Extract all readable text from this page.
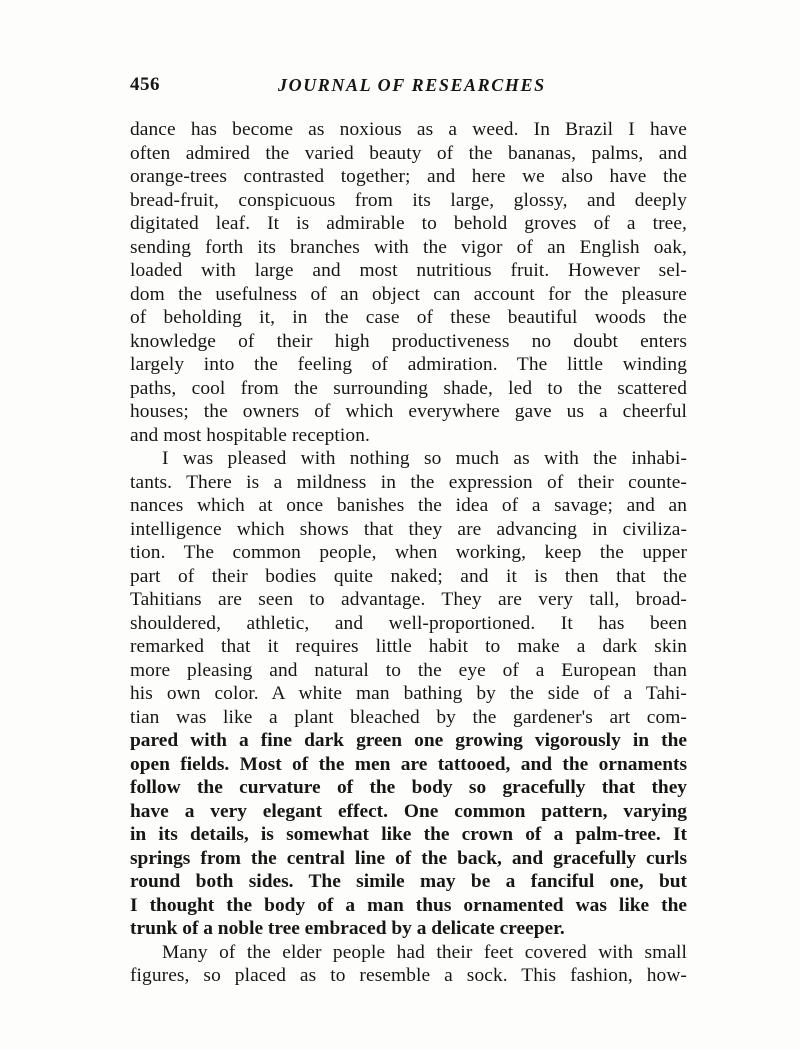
456	JOURNAL OF RESEARCHES
dance has become as noxious as a weed. In Brazil I have
often admired the varied beauty of the bananas, palms, and
orange-trees contrasted together; and here we also have the
bread-fruit, conspicuous from its large, glossy, and deeply
digitated leaf. It is admirable to behold groves of a tree,
sending forth its branches with the vigor of an English oak,
loaded with large and most nutritious fruit. However sel-
dom the usefulness of an object can account for the pleasure
of beholding it, in the case of these beautiful woods the
knowledge of their high productiveness no doubt enters
largely into the feeling of admiration. The little winding
paths, cool from the surrounding shade, led to the scattered
houses; the owners of which everywhere gave us a cheerful
and most hospitable reception.
I was pleased with nothing so much as with the inhabi-
tants. There is a mildness in the expression of their counte-
nances which at once banishes the idea of a savage; and an
intelligence which shows that they are advancing in civiliza-
tion. The common people, when working, keep the upper
part of their bodies quite naked; and it is then that the
Tahitians are seen to advantage. They are very tall, broad-
shouldered, athletic, and well-proportioned. It has been
remarked that it requires little habit to make a dark skin
more pleasing and natural to the eye of a European than
his own color. A white man bathing by the side of a Tahi-
tian was like a plant bleached by the gardener's art com-
pared with a fine dark green one growing vigorously in the
open fields. Most of the men are tattooed, and the ornaments
follow the curvature of the body so gracefully that they
have a very elegant effect. One common pattern, varying
in its details, is somewhat like the crown of a palm-tree. It
springs from the central line of the back, and gracefully curls
round both sides. The simile may be a fanciful one, but
I thought the body of a man thus ornamented was like the
trunk of a noble tree embraced by a delicate creeper.
Many of the elder people had their feet covered with small
figures, so placed as to resemble a sock. This fashion, how-
